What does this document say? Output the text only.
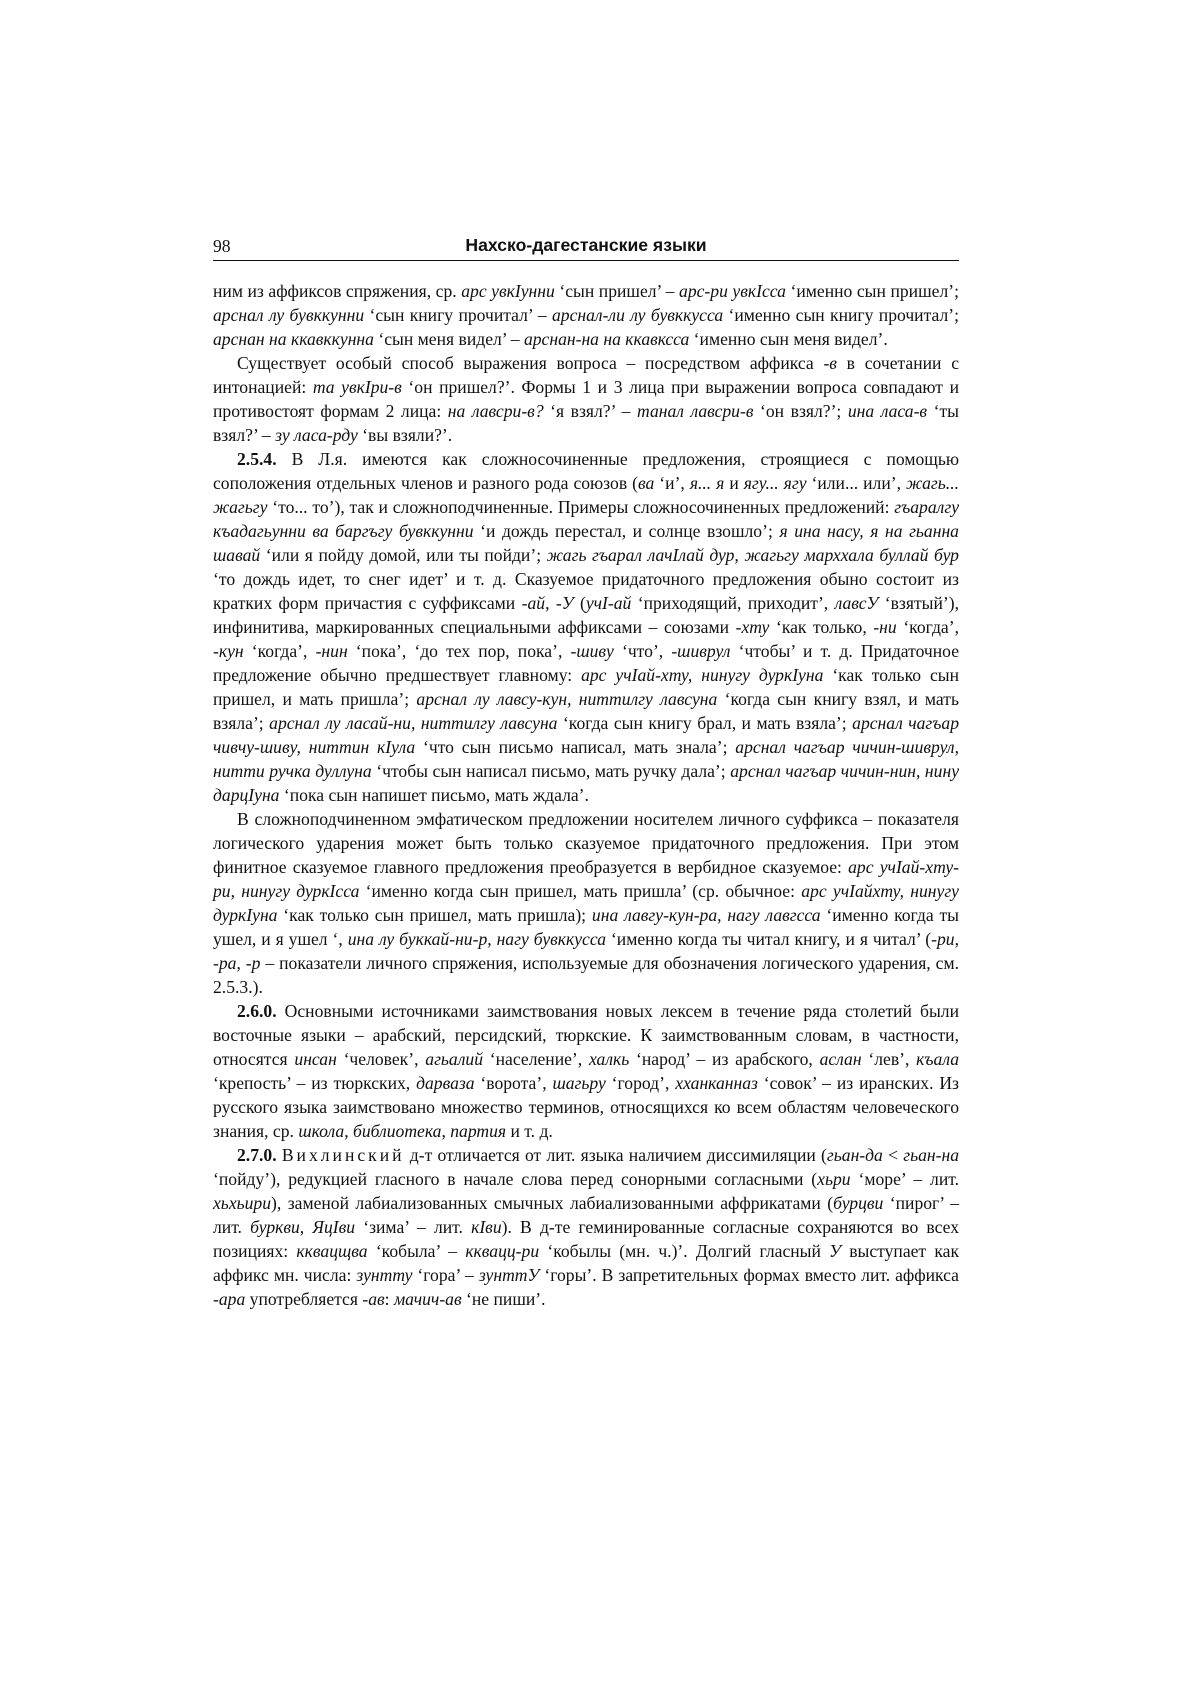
98	Нахско-дагестанские языки

ним из аффиксов спряжения, ср. арс увкIунни ‘сын пришел’ – арс-ри увкIсса ‘именно сын пришел’; арснал лу бувккунни ‘сын книгу прочитал’ – арснал-ли лу бувккусса ‘именно сын книгу прочитал’; арснан на ккавккунна ‘сын меня видел’ – арснан-на на ккавксса ‘именно сын меня видел’.

Существует особый способ выражения вопроса – посредством аффикса -в в сочетании с интонацией: та увкIри-в ‘он пришел?’. Формы 1 и 3 лица при выражении вопроса совпадают и противостоят формам 2 лица: на лавсри-в? ‘я взял?’ – танал лавсри-в ‘он взял?’; ина ласа-в ‘ты взял?’ – зу ласа-рду ‘вы взяли?’.

2.5.4. В Л.я. имеются как сложносочиненные предложения, строящиеся с помощью соположения отдельных членов и разного рода союзов (ва ‘и’, я... я и ягу... ягу ‘или... или’, жагь... жагьгу ‘то... то’), так и сложноподчиненные. Примеры сложносочиненных предложений: гъаралгу къадагьунни ва баргъгу бувккунни ‘и дождь перестал, и солнце взошло’; я ина насу, я на гьанна шавай ‘или я пойду домой, или ты пойди’; жагь гъарал лачIлай дур, жагьгу марххала буллай бур ‘то дождь идет, то снег идет’ и т. д. Сказуемое придаточного предложения обыно состоит из кратких форм причастия с суффиксами -ай, -У (учI-ай ‘приходящий, приходит’, лавсУ ‘взятый’), инфинитива, маркированных специальными аффиксами – союзами -хту ‘как только, -ни ‘когда’, -кун ‘когда’, -нин ‘пока’, ‘до тех пор, пока’, -шиву ‘что’, -шиврул ‘чтобы’ и т. д. Придаточное предложение обычно предшествует главному: арс учIай-хту, нинугу дуркIуна ‘как только сын пришел, и мать пришла’; арснал лу лавсу-кун, ниттилгу лавсуна ‘когда сын книгу взял, и мать взяла’; арснал лу ласай-ни, ниттилгу лавсуна ‘когда сын книгу брал, и мать взяла’; арснал чагъар чивчу-шиву, ниттин кIула ‘что сын письмо написал, мать знала’; арснал чагъар чичин-шиврул, нитти ручка дуллуна ‘чтобы сын написал письмо, мать ручку дала’; арснал чагъар чичин-нин, нину дарцIуна ‘пока сын напишет письмо, мать ждала’.

В сложноподчиненном эмфатическом предложении носителем личного суффикса – показателя логического ударения может быть только сказуемое придаточного предложения. При этом финитное сказуемое главного предложения преобразуется в вербидное сказуемое: арс учIай-хту-ри, нинугу дуркIсса ‘именно когда сын пришел, мать пришла’ (ср. обычное: арс учIайхту, нинугу дуркIуна ‘как только сын пришел, мать пришла); ина лавгу-кун-ра, нагу лавгсса ‘именно когда ты ушел, и я ушел ‘, ина лу буккай-ни-р, нагу бувккусса ‘именно когда ты читал книгу, и я читал’ (-ри, -ра, -р – показатели личного спряжения, используемые для обозначения логического ударения, см. 2.5.3.).

2.6.0. Основными источниками заимствования новых лексем в течение ряда столетий были восточные языки – арабский, персидский, тюркские. К заимствованным словам, в частности, относятся инсан ‘человек’, агьалий ‘население’, халкь ‘народ’ – из арабского, аслан ‘лев’, къала ‘крепость’ – из тюркских, дарваза ‘ворота’, шагьру ‘город’, хханканназ ‘совок’ – из иранских. Из русского языка заимствовано множество терминов, относящихся ко всем областям человеческого знания, ср. школа, библиотека, партия и т. д.

2.7.0. Вихлинский д-т отличается от лит. языка наличием диссимиляции (гьан-да < гьан-на ‘пойду’), редукцией гласного в начале слова перед сонорными согласными (хьри ‘море’ – лит. хьхьири), заменой лабиализованных смычных лабиализованными аффрикатами (бурцви ‘пирог’ – лит. буркви, ЯцIви ‘зима’ – лит. кIви). В д-те геминированные согласные сохраняются во всех позициях: кквацщва ‘кобыла’ – кквацц-ри ‘кобылы (мн. ч.)’. Долгий гласный У выступает как аффикс мн. числа: зунтту ‘гора’ – зунттУ ‘горы’. В запретительных формах вместо лит. аффикса -ара употребляется -ав: мачич-ав ‘не пиши’.
